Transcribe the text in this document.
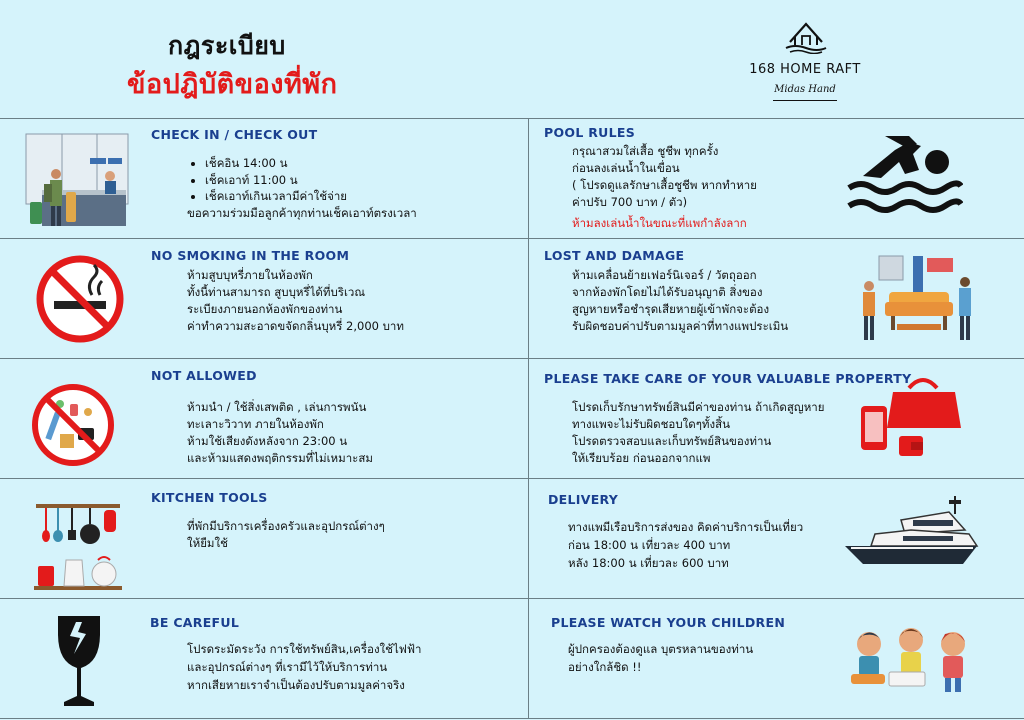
กฎระเบียบ
ข้อปฎิบัติของที่พัก	168 HOME RAFT
Midas Hand
CHECK IN / CHECK OUT
• เช็คอิน 14:00 น
• เช็คเอาท์ 11:00 น
• เช็คเอาท์เกินเวลามีค่าใช้จ่าย
ขอความร่วมมือลูกค้าทุกท่านเช็คเอาท์ตรงเวลา
POOL RULES
กรุณาสวมใส่เสื้อ ชูชีพ ทุกครั้ง
ก่อนลงเล่นน้ำในเขื่อน
( โปรดดูแลรักษาเสื้อชูชีพ หากทำหาย
ค่าปรับ 700 บาท / ตัว)
ห้ามลงเล่นน้ำในขณะที่แพกำลังลาก
NO SMOKING IN THE ROOM
ห้ามสูบบุหรี่ภายในห้องพัก
ทั้งนี้ท่านสามารถ สูบบุหรี่ได้ที่บริเวณ
ระเบียงภายนอกห้องพักของท่าน
ค่าทำความสะอาดขจัดกลิ่นบุหรี่ 2,000 บาท
LOST AND DAMAGE
ห้ามเคลื่อนย้ายเฟอร์นิเจอร์ / วัตถุออก
จากห้องพักโดยไม่ได้รับอนุญาติ สิ่งของ
สูญหายหรือชำรุดเสียหายผู้เข้าพักจะต้อง
รับผิดชอบค่าปรับตามมูลค่าที่ทางแพประเมิน
NOT ALLOWED
ห้ามนำ / ใช้สิ่งเสพติด , เล่นการพนัน
ทะเลาะวิวาท ภายในห้องพัก
ห้ามใช้เสียงดังหลังจาก 23:00 น
และห้ามแสดงพฤติกรรมที่ไม่เหมาะสม
PLEASE TAKE CARE OF YOUR VALUABLE PROPERTY
โปรดเก็บรักษาทรัพย์สินมีค่าของท่าน ถ้าเกิดสูญหาย
ทางแพจะไม่รับผิดชอบใดๆทั้งสิ้น
โปรดตรวจสอบและเก็บทรัพย์สินของท่าน
ให้เรียบร้อย ก่อนออกจากแพ
KITCHEN TOOLS
ที่พักมีบริการเครื่องครัวและอุปกรณ์ต่างๆ
ให้ยืมใช้
DELIVERY
ทางแพมีเรือบริการส่งของ คิดค่าบริการเป็นเที่ยว
ก่อน 18:00 น เที่ยวละ 400 บาท
หลัง 18:00 น เที่ยวละ 600 บาท
BE CAREFUL
โปรดระมัดระวัง การใช้ทรัพย์สิน,เครื่องใช้ไฟฟ้า
และอุปกรณ์ต่างๆ ที่เรามีไว้ให้บริการท่าน
หากเสียหายเราจำเป็นต้องปรับตามมูลค่าจริง
PLEASE WATCH YOUR CHILDREN
ผู้ปกครองต้องดูแล บุตรหลานของท่าน
อย่างใกล้ชิด !!
